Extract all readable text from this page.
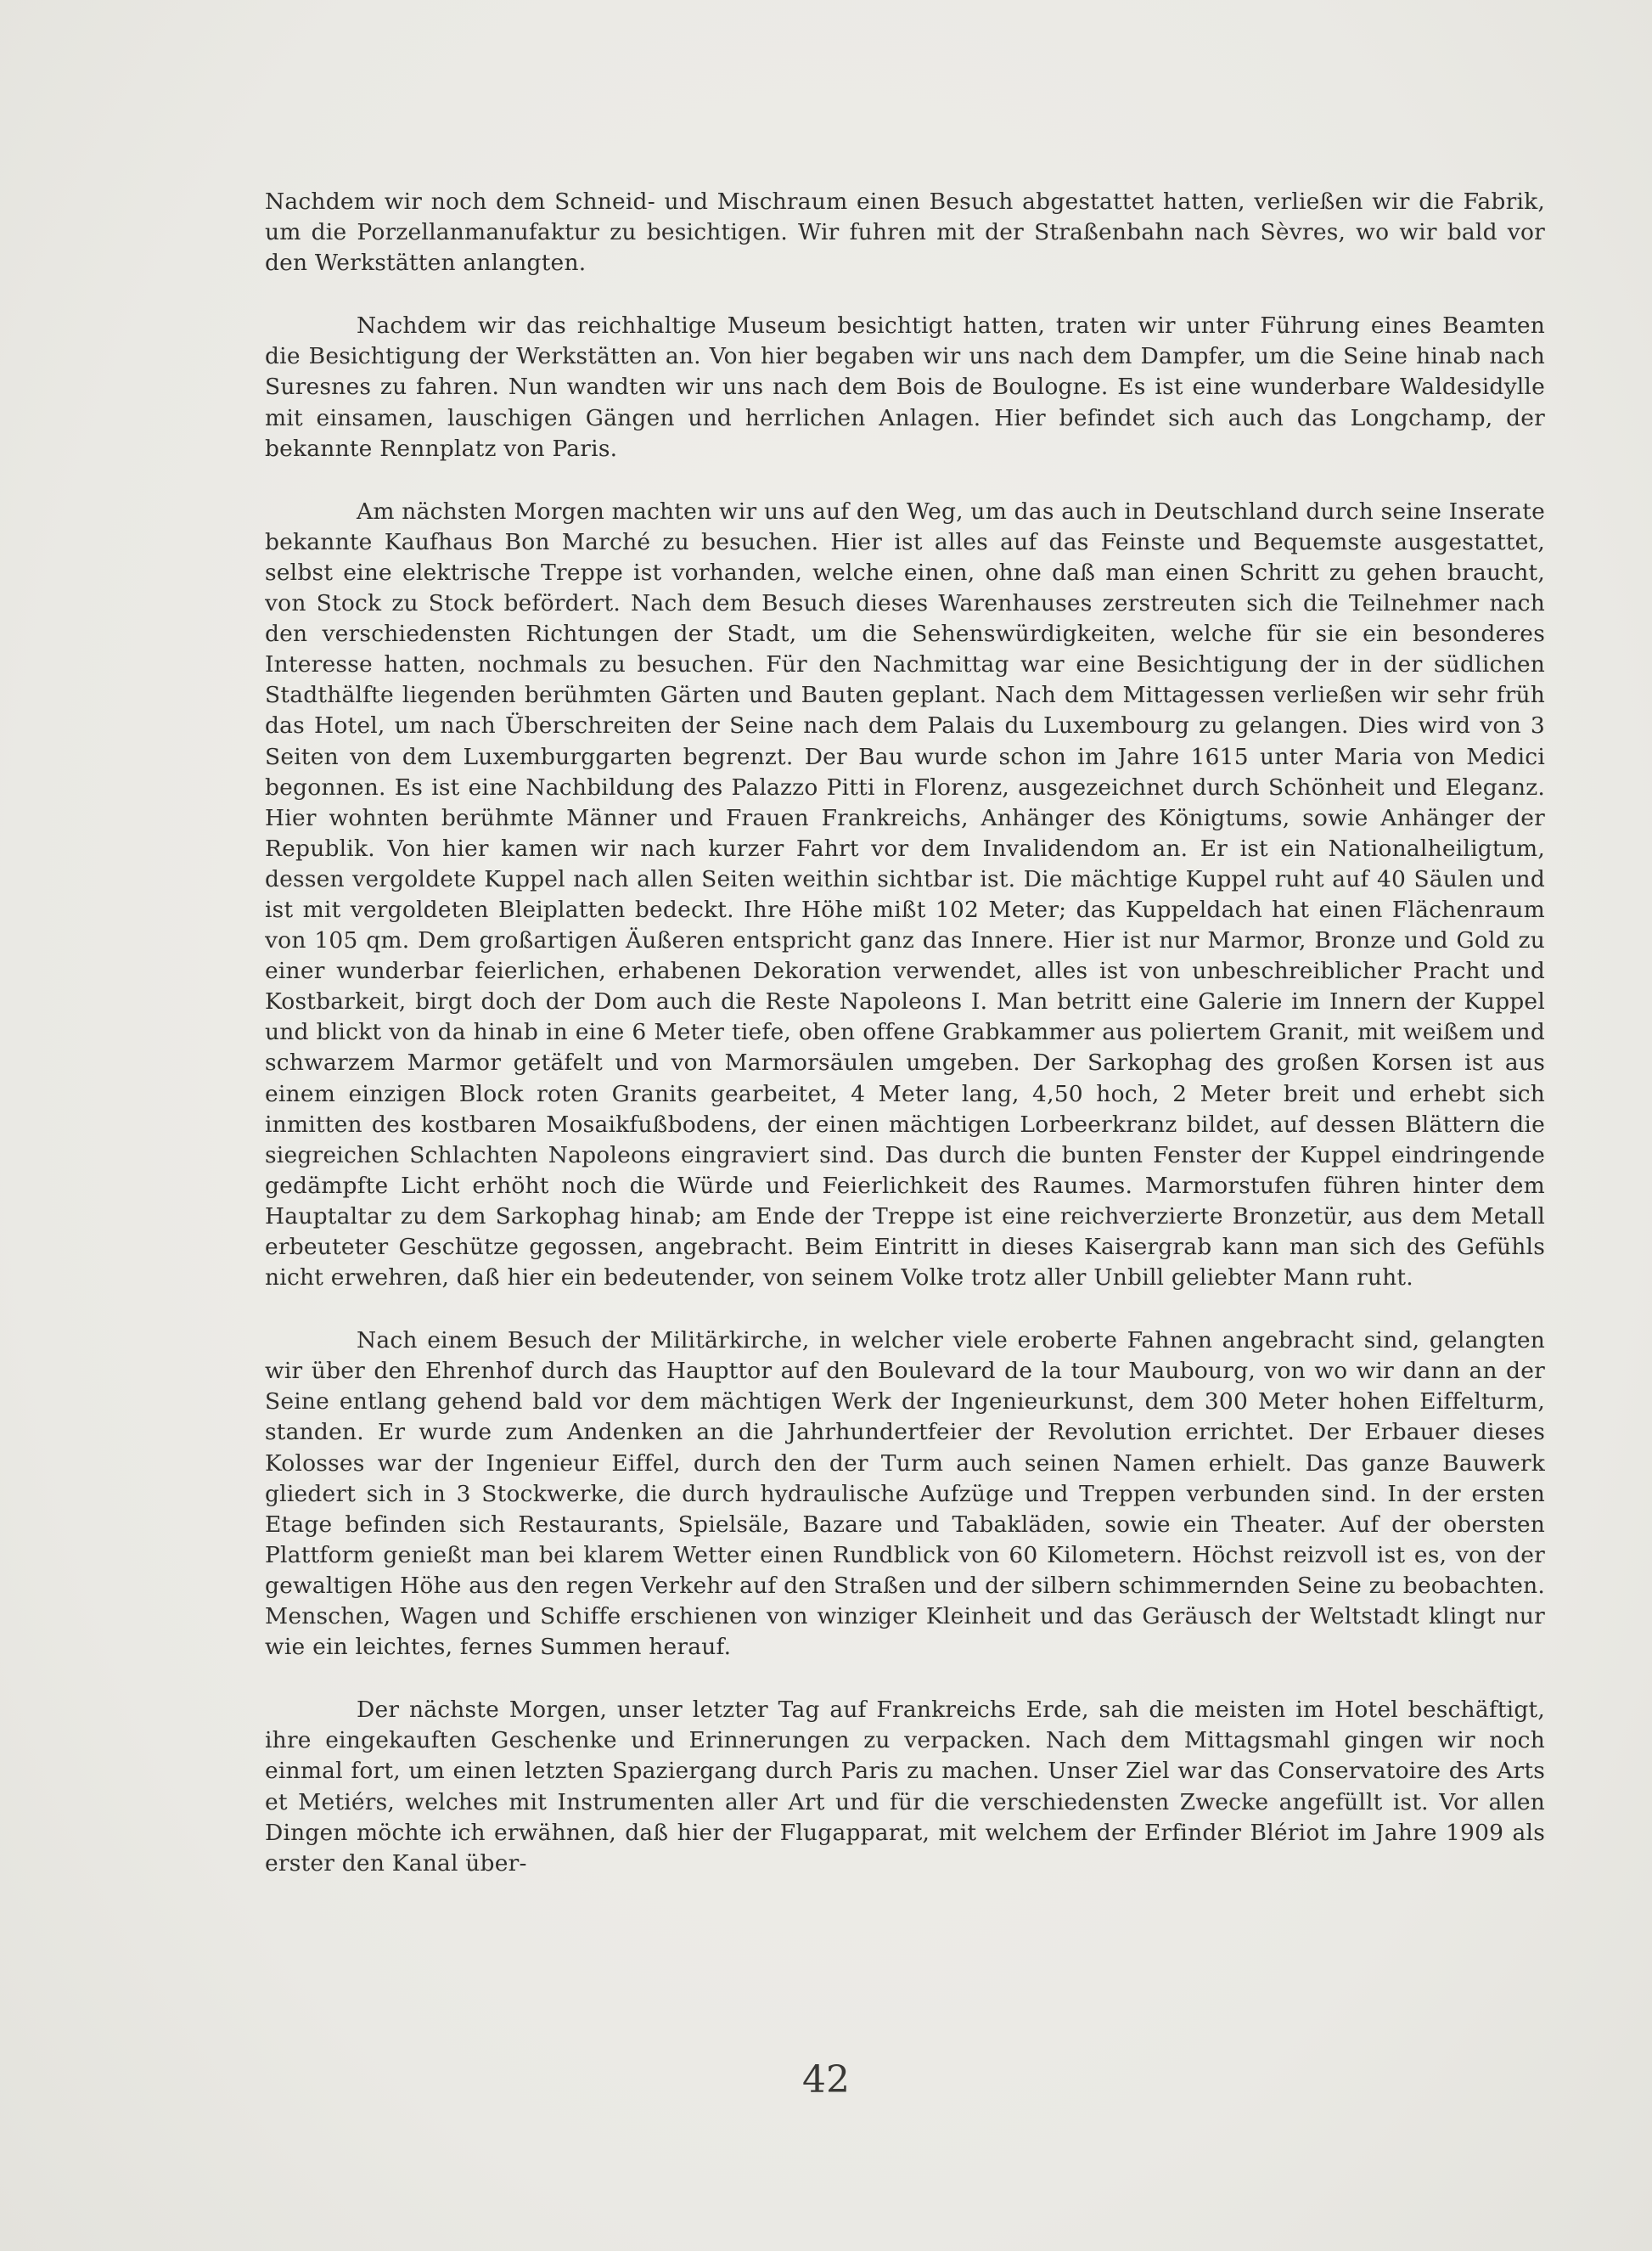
Nachdem wir noch dem Schneid- und Mischraum einen Besuch abgestattet hatten, verließen wir die Fabrik, um die Porzellanmanufaktur zu besichtigen. Wir fuhren mit der Straßenbahn nach Sèvres, wo wir bald vor den Werkstätten anlangten.

Nachdem wir das reichhaltige Museum besichtigt hatten, traten wir unter Führung eines Beamten die Besichtigung der Werkstätten an. Von hier begaben wir uns nach dem Dampfer, um die Seine hinab nach Suresnes zu fahren. Nun wandten wir uns nach dem Bois de Boulogne. Es ist eine wunderbare Waldesidylle mit einsamen, lauschigen Gängen und herrlichen Anlagen. Hier befindet sich auch das Longchamp, der bekannte Rennplatz von Paris.

Am nächsten Morgen machten wir uns auf den Weg, um das auch in Deutschland durch seine Inserate bekannte Kaufhaus Bon Marché zu besuchen. Hier ist alles auf das Feinste und Bequemste ausgestattet, selbst eine elektrische Treppe ist vorhanden, welche einen, ohne daß man einen Schritt zu gehen braucht, von Stock zu Stock befördert. Nach dem Besuch dieses Warenhauses zerstreuten sich die Teilnehmer nach den verschiedensten Richtungen der Stadt, um die Sehenswürdigkeiten, welche für sie ein besonderes Interesse hatten, nochmals zu besuchen. Für den Nachmittag war eine Besichtigung der in der südlichen Stadthälfte liegenden berühmten Gärten und Bauten geplant. Nach dem Mittagessen verließen wir sehr früh das Hotel, um nach Überschreiten der Seine nach dem Palais du Luxembourg zu gelangen. Dies wird von 3 Seiten von dem Luxemburggarten begrenzt. Der Bau wurde schon im Jahre 1615 unter Maria von Medici begonnen. Es ist eine Nachbildung des Palazzo Pitti in Florenz, ausgezeichnet durch Schönheit und Eleganz. Hier wohnten berühmte Männer und Frauen Frankreichs, Anhänger des Königtums, sowie Anhänger der Republik. Von hier kamen wir nach kurzer Fahrt vor dem Invalidendom an. Er ist ein Nationalheiligtum, dessen vergoldete Kuppel nach allen Seiten weithin sichtbar ist. Die mächtige Kuppel ruht auf 40 Säulen und ist mit vergoldeten Bleiplatten bedeckt. Ihre Höhe mißt 102 Meter; das Kuppeldach hat einen Flächenraum von 105 qm. Dem großartigen Äußeren entspricht ganz das Innere. Hier ist nur Marmor, Bronze und Gold zu einer wunderbar feierlichen, erhabenen Dekoration verwendet, alles ist von unbeschreiblicher Pracht und Kostbarkeit, birgt doch der Dom auch die Reste Napoleons I. Man betritt eine Galerie im Innern der Kuppel und blickt von da hinab in eine 6 Meter tiefe, oben offene Grabkammer aus poliertem Granit, mit weißem und schwarzem Marmor getäfelt und von Marmorsäulen umgeben. Der Sarkophag des großen Korsen ist aus einem einzigen Block roten Granits gearbeitet, 4 Meter lang, 4,50 hoch, 2 Meter breit und erhebt sich inmitten des kostbaren Mosaikfußbodens, der einen mächtigen Lorbeerkranz bildet, auf dessen Blättern die siegreichen Schlachten Napoleons eingraviert sind. Das durch die bunten Fenster der Kuppel eindringende gedämpfte Licht erhöht noch die Würde und Feierlichkeit des Raumes. Marmorstufen führen hinter dem Hauptaltar zu dem Sarkophag hinab; am Ende der Treppe ist eine reichverzierte Bronzetür, aus dem Metall erbeuteter Geschütze gegossen, angebracht. Beim Eintritt in dieses Kaisergrab kann man sich des Gefühls nicht erwehren, daß hier ein bedeutender, von seinem Volke trotz aller Unbill geliebter Mann ruht.

Nach einem Besuch der Militärkirche, in welcher viele eroberte Fahnen angebracht sind, gelangten wir über den Ehrenhof durch das Haupttor auf den Boulevard de la tour Maubourg, von wo wir dann an der Seine entlang gehend bald vor dem mächtigen Werk der Ingenieurkunst, dem 300 Meter hohen Eiffelturm, standen. Er wurde zum Andenken an die Jahrhundertfeier der Revolution errichtet. Der Erbauer dieses Kolosses war der Ingenieur Eiffel, durch den der Turm auch seinen Namen erhielt. Das ganze Bauwerk gliedert sich in 3 Stockwerke, die durch hydraulische Aufzüge und Treppen verbunden sind. In der ersten Etage befinden sich Restaurants, Spielsäle, Bazare und Tabakläden, sowie ein Theater. Auf der obersten Plattform genießt man bei klarem Wetter einen Rundblick von 60 Kilometern. Höchst reizvoll ist es, von der gewaltigen Höhe aus den regen Verkehr auf den Straßen und der silbern schimmernden Seine zu beobachten. Menschen, Wagen und Schiffe erschienen von winziger Kleinheit und das Geräusch der Weltstadt klingt nur wie ein leichtes, fernes Summen herauf.

Der nächste Morgen, unser letzter Tag auf Frankreichs Erde, sah die meisten im Hotel beschäftigt, ihre eingekauften Geschenke und Erinnerungen zu verpacken. Nach dem Mittagsmahl gingen wir noch einmal fort, um einen letzten Spaziergang durch Paris zu machen. Unser Ziel war das Conservatoire des Arts et Metiérs, welches mit Instrumenten aller Art und für die verschiedensten Zwecke angefüllt ist. Vor allen Dingen möchte ich erwähnen, daß hier der Flugapparat, mit welchem der Erfinder Blériot im Jahre 1909 als erster den Kanal über-

42
